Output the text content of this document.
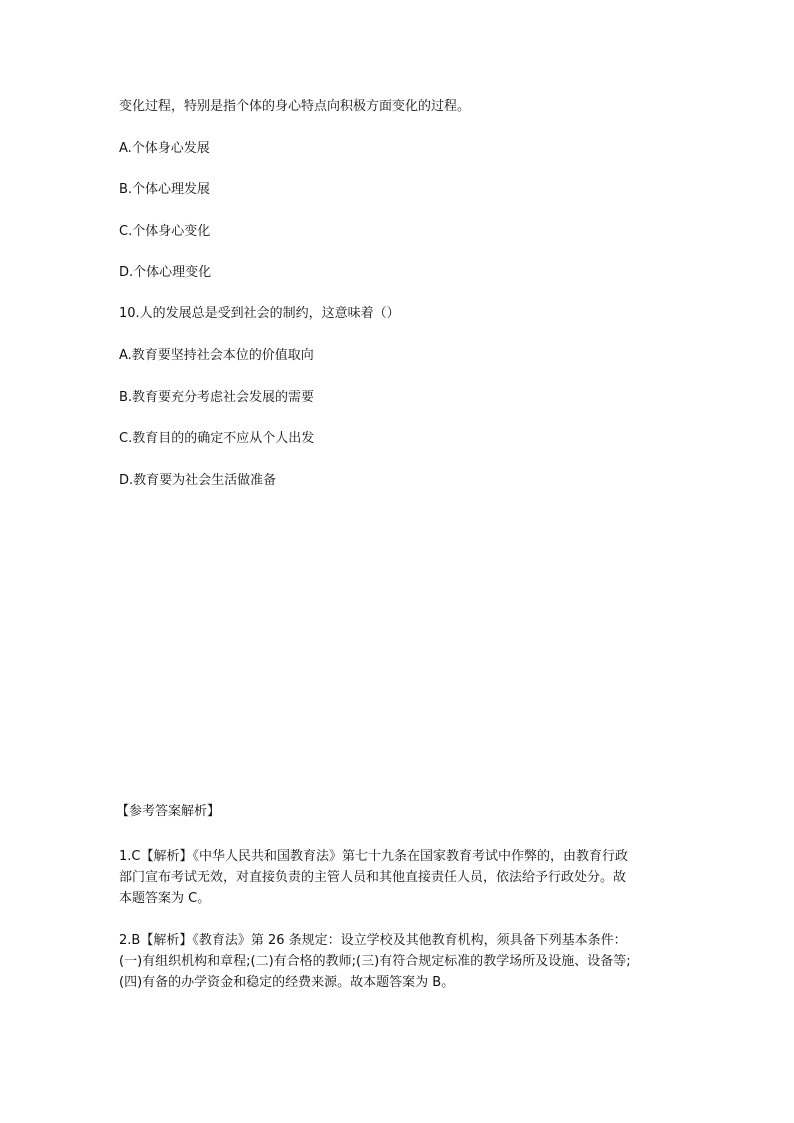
变化过程，特别是指个体的身心特点向积极方面变化的过程。
A.个体身心发展
B.个体心理发展
C.个体身心变化
D.个体心理变化
10.人的发展总是受到社会的制约，这意味着（）
A.教育要坚持社会本位的价值取向
B.教育要充分考虑社会发展的需要
C.教育目的的确定不应从个人出发
D.教育要为社会生活做准备
【参考答案解析】

1.C【解析】《中华人民共和国教育法》第七十九条在国家教育考试中作弊的，由教育行政

部门宣布考试无效，对直接负责的主管人员和其他直接责任人员，依法给予行政处分。故

本题答案为 C。

2.B【解析】《教育法》第 26 条规定：设立学校及其他教育机构，须具备下列基本条件：

(一)有组织机构和章程;(二)有合格的教师;(三)有符合规定标准的教学场所及设施、设备等;

(四)有备的办学资金和稳定的经费来源。故本题答案为 B。
